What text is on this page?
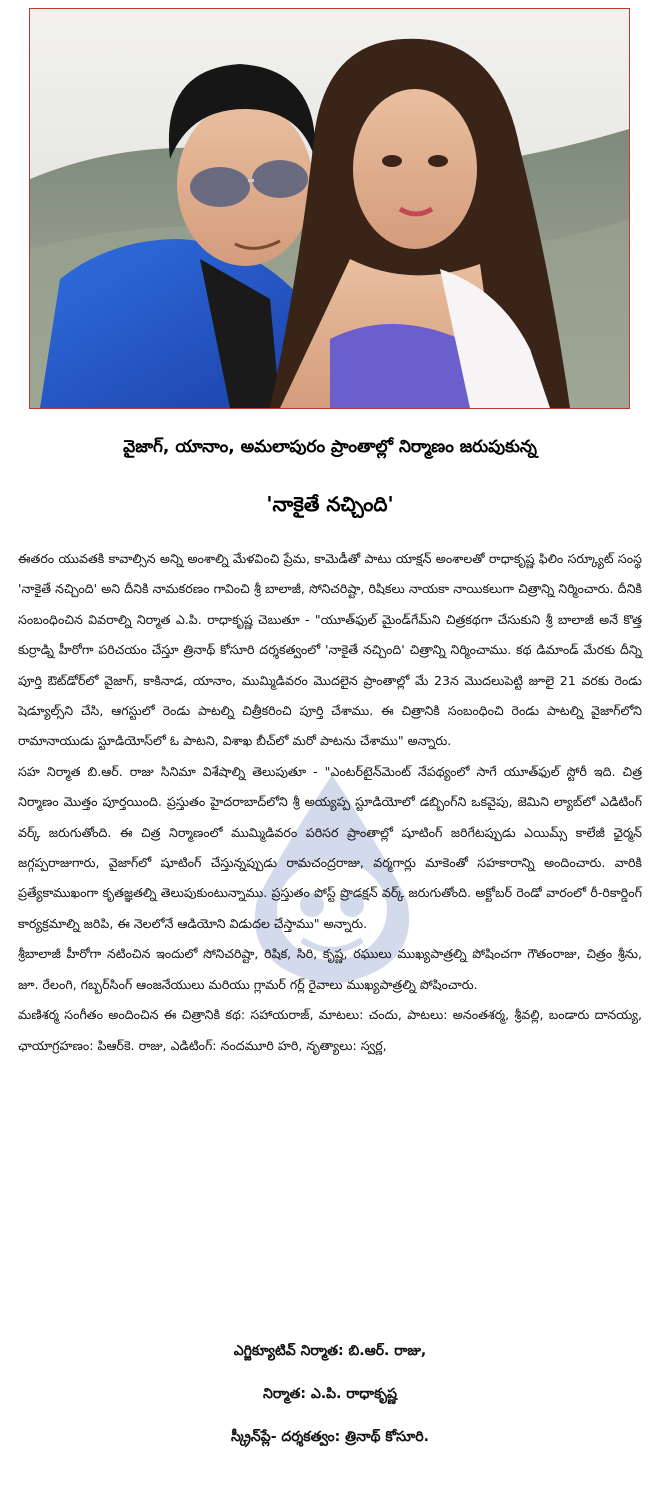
వైజాగ్, యానాం, అమలాపురం ప్రాంతాల్లో నిర్మాణం జరుపుకున్న
'నాకైతే నచ్చింది'

ఈతరం యువతకి కావాల్సిన అన్ని అంశాల్ని మేళవించి ప్రేమ, కామెడీతో పాటు యాక్షన్ అంశాలతో రాధాకృష్ణ ఫిలిం సర్క్యూట్ సంస్థ 'నాకైతే నచ్చింది' అని దీనికి నామకరణం గావించి శ్రీ బాలాజీ, సోనిచరిష్టా, రిషికలు నాయకా నాయికలుగా చిత్రాన్ని నిర్మించారు. దీనికి సంబంధించిన వివరాల్ని నిర్మాత ఎ.పి. రాధాకృష్ణ చెబుతూ - "యూత్‌ఫుల్ మైండ్‌గేమ్‌ని చిత్రకథగా చేసుకుని శ్రీ బాలాజీ అనే కొత్త కుర్రాడ్ని హీరోగా పరిచయం చేస్తూ త్రినాథ్ కోసూరి దర్శకత్వంలో 'నాకైతే నచ్చింది' చిత్రాన్ని నిర్మించాము. కథ డిమాండ్ మేరకు దీన్ని పూర్తి ఔట్‌డోర్‌లో వైజాగ్, కాకినాడ, యానాం, ముమ్మిడివరం మొదలైన ప్రాంతాల్లో మే 23న మొదలుపెట్టి జూలై 21 వరకు రెండు షెడ్యూల్స్‌ని చేసి, ఆగస్టులో రెండు పాటల్ని చిత్రీకరించి పూర్తి చేశాము. ఈ చిత్రానికి సంబంధించి రెండు పాటల్ని వైజాగ్‌లోని రామానాయుడు స్టూడియోస్‌లో ఓ పాటని, విశాఖ బీచ్‌లో మరో పాటను చేశాము" అన్నారు.

సహ నిర్మాత బి.ఆర్. రాజు సినిమా విశేషాల్ని తెలుపుతూ - "ఎంటర్‌టైన్‌మెంట్ నేపథ్యంలో సాగే యూత్‌ఫుల్ స్టోరీ ఇది. చిత్ర నిర్మాణం మొత్తం పూర్తయింది. ప్రస్తుతం హైదరాబాద్‌లోని శ్రీ అయ్యప్ప స్టూడియోలో డబ్బింగ్‌ని ఒకవైపు, జెమిని ల్యాబ్‌లో ఎడిటింగ్ వర్క్ జరుగుతోంది. ఈ చిత్ర నిర్మాణంలో ముమ్మిడివరం పరిసర ప్రాంతాల్లో షూటింగ్ జరిగేటప్పుడు ఎయిమ్స్ కాలేజీ ఛైర్మన్ జగ్గప్పరాజుగారు, వైజాగ్‌లో షూటింగ్ చేస్తున్నప్పుడు రామచంద్రరాజు, వర్మగార్లు మాకెంతో సహకారాన్ని అందించారు. వారికి ప్రత్యేకాముఖంగా కృతజ్ఞతల్ని తెలుపుకుంటున్నాము. ప్రస్తుతం పోస్ట్ ప్రొడక్షన్ వర్క్ జరుగుతోంది. అక్టోబర్ రెండో వారంలో రీ-రికార్డింగ్ కార్యక్రమాల్ని జరిపి, ఈ నెలలోనే ఆడియోని విడుదల చేస్తాము" అన్నారు.

శ్రీబాలాజీ హీరోగా నటించిన ఇందులో సోనిచరిష్టా, రిషిక, సిరి, కృష్ణ, రఘులు ముఖ్యపాత్రల్ని పోషించగా గౌతంరాజు, చిత్రం శ్రీను, జూ. రేలంగి, గబ్బర్‌సింగ్ ఆంజనేయులు మరియు గ్లామర్ గర్ల్ రైవాలు ముఖ్యపాత్రల్ని పోషించారు.

మణిశర్మ సంగీతం అందించిన ఈ చిత్రానికి కథ: సహాయరాజ్, మాటలు: చందు, పాటలు: అనంతశర్మ, శ్రీవల్లి, బండారు దానయ్య, ఛాయాగ్రహణం: పిఆర్‌కె. రాజు, ఎడిటింగ్: నందమూరి హరి, నృత్యాలు: స్వర్ణ,

ఎగ్జిక్యూటివ్ నిర్మాత: బి.ఆర్. రాజు,
నిర్మాత: ఎ.పి. రాధాకృష్ణ
స్క్రీన్‌ప్లే- దర్శకత్వం: త్రినాథ్ కోసూరి.
